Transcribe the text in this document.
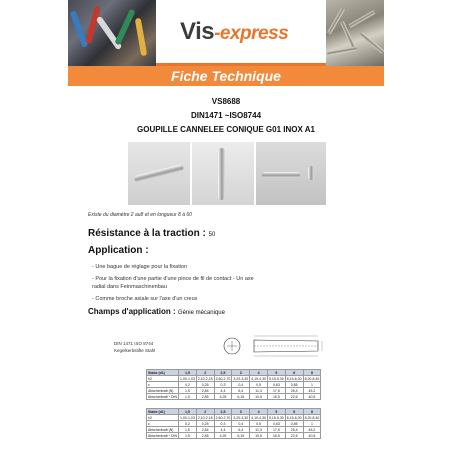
Vis-express
Fiche Technique
VS8688
DIN1471 ~ISO8744
GOUPILLE CANNELEE CONIQUE G01 INOX A1
Existe du diamètre 2 au8 et en longueur 8 à 60
Résistance à la traction : 50
Application :
- Une bague de réglage pour la fixation
- Pour la fixation d'une partie d'une pince de fil de contact - Un axe
radial dans Feinmaschinenbau
- Comme broche axiale sur l'axe d'un creux
Champs d'application : Génie mécanique
DIN 1471 ISO 8744
Kegelkerbstifte Stahl
Stabe (d1)	1,5	2	2,5	3	4	5	6	8
h2	1,00-1,03	2,10-2,18	2,60-2,70	3,20-3,30	4,19-4,30	5,15-5,30	6,15-6,30	8,20-8,40
c	0,2	0,25	0,3	0,4	0,5	0,63	0,85	1
Abscherkraft (N)	1,5	2,84	4,4	6,4	11,3	17,5	25,4	45,2
Abscherkraft * DIN	1,5	2,85	4,25	6,15	10,5	16,5	22,6	40,5
Stabe (d1)	1,5	2	2,5	3	4	5	6	8
h2	1,00-1,03	2,10-2,18	2,60-2,70	3,20-3,30	4,19-4,30	5,15-5,30	6,15-6,30	8,20-8,40
c	0,2	0,25	0,3	0,4	0,5	0,63	0,85	1
Abscherkraft (N)	1,5	2,84	4,4	6,4	11,3	17,5	25,4	45,2
Abscherkraft * DIN	1,5	2,85	4,25	6,15	10,5	16,5	22,6	40,5
